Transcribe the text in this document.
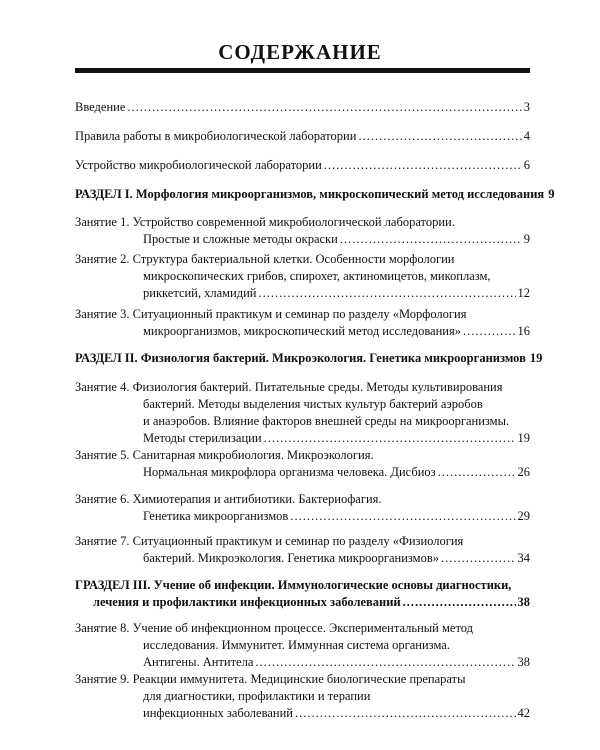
СОДЕРЖАНИЕ
Введение .....	3
Правила работы в микробиологической лаборатории .....	4
Устройство микробиологической лаборатории .....	6
РАЗДЕЛ I. Морфология микроорганизмов, микроскопический метод исследования 9
Занятие 1. Устройство современной микробиологической лаборатории.
Простые и сложные методы окраски .....	9
Занятие 2. Структура бактериальной клетки. Особенности морфологии
микроскопических грибов, спирохет, актиномицетов, микоплазм,
риккетсий, хламидий .....	12
Занятие 3. Ситуационный практикум и семинар по разделу «Морфология
микроорганизмов, микроскопический метод исследования» .....	16
РАЗДЕЛ II. Физиология бактерий. Микроэкология. Генетика микроорганизмов 19
Занятие 4. Физиология бактерий. Питательные среды. Методы культивирования
бактерий. Методы выделения чистых культур бактерий аэробов
и анаэробов. Влияние факторов внешней среды на микроорганизмы.
Методы стерилизации .....	19
Занятие 5. Санитарная микробиология. Микроэкология.
Нормальная микрофлора организма человека. Дисбиоз .....	26
Занятие 6. Химиотерапия и антибиотики. Бактериофагия.
Генетика микроорганизмов .....	29
Занятие 7. Ситуационный практикум и семинар по разделу «Физиология
бактерий. Микроэкология. Генетика микроорганизмов» .....	34
ГРАЗДЕЛ III. Учение об инфекции. Иммунологические основы диагностики,
лечения и профилактики инфекционных заболеваний .....	38
Занятие 8. Учение об инфекционном процессе. Экспериментальный метод
исследования. Иммунитет. Иммунная система организма.
Антигены. Антитела .....	38
Занятие 9. Реакции иммунитета. Медицинские биологические препараты
для диагностики, профилактики и терапии
инфекционных заболеваний .....	42
